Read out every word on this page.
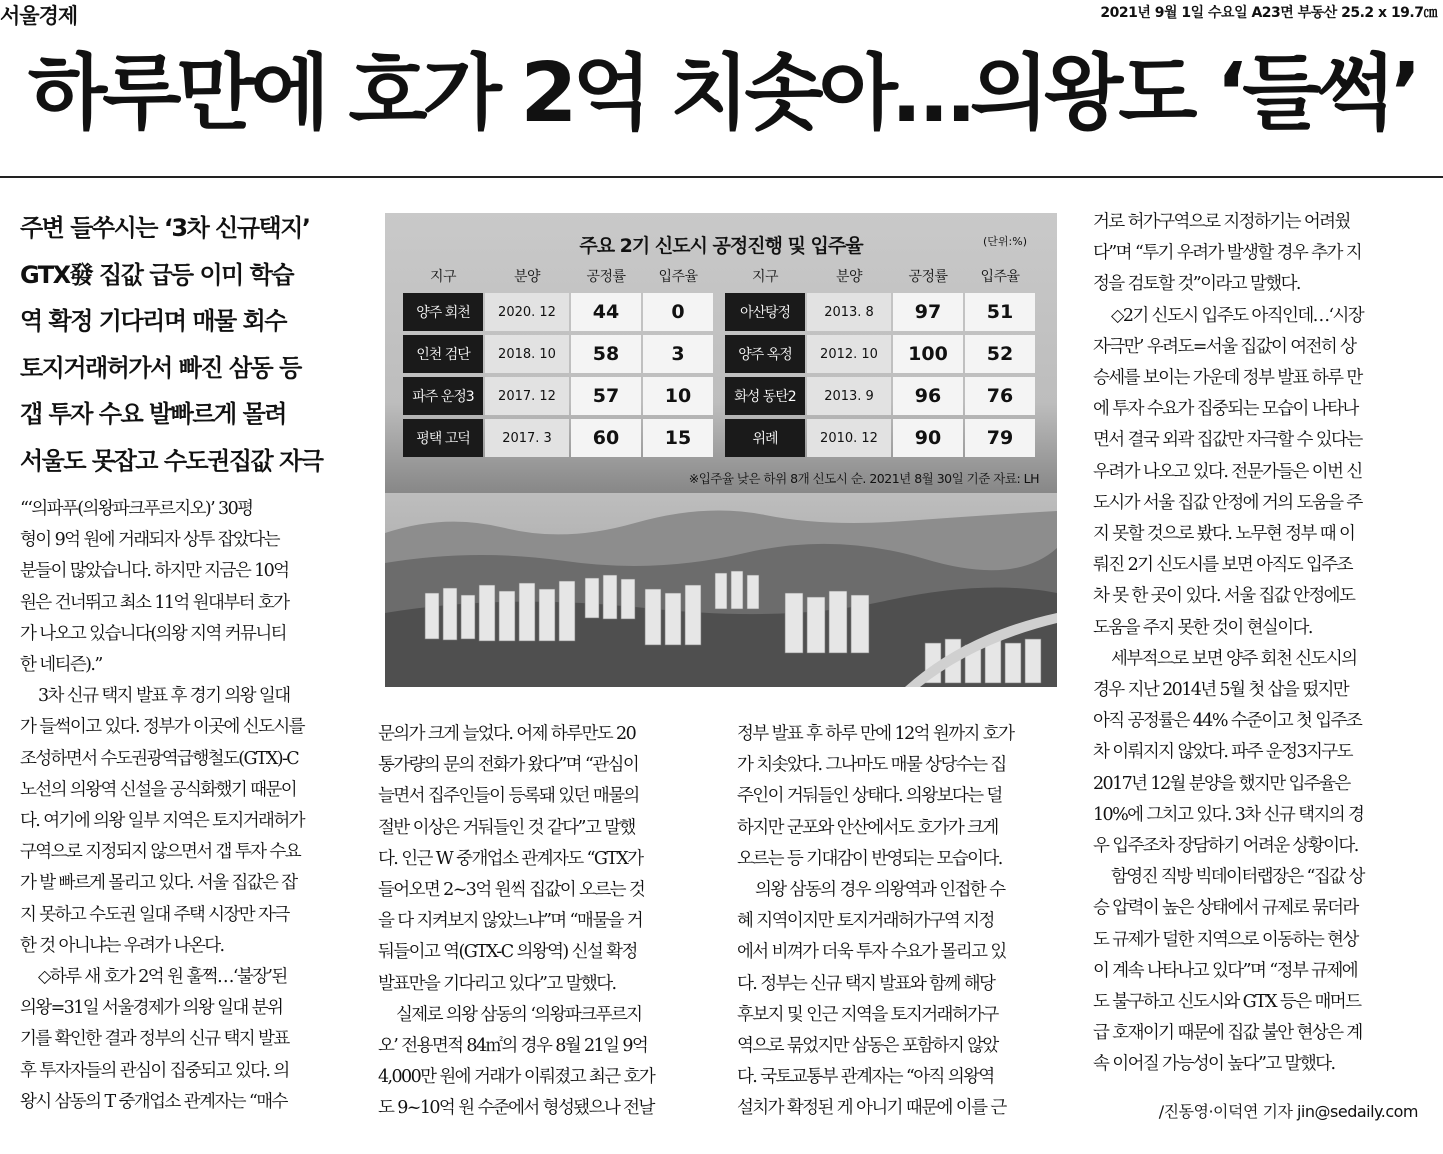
서울경제	2021년 9월 1일 수요일 A23면 부동산 25.2 x 19.7㎝
하루만에 호가 2억 치솟아…의왕도 ‘들썩’
주변 들쑤시는 ‘3차 신규택지’
GTX發 집값 급등 이미 학습
역 확정 기다리며 매물 회수
토지거래허가서 빠진 삼동 등
갭 투자 수요 발빠르게 몰려
서울도 못잡고 수도권집값 자극
주요 2기 신도시 공정진행 및 입주율	(단위:%)
지구	분양	공정률	입주율		지구	분양	공정률	입주율
양주 회천	2020. 12	44	0		아산탕정	2013. 8	97	51
인천 검단	2018. 10	58	3		양주 옥정	2012. 10	100	52
파주 운정3	2017. 12	57	10		화성 동탄2	2013. 9	96	76
평택 고덕	2017. 3	60	15		위례	2010. 12	90	79
※입주율 낮은 하위 8개 신도시 순. 2021년 8월 30일 기준 자료: LH

“‘의파푸(의왕파크푸르지오)’ 30평

형이 9억 원에 거래되자 상투 잡았다는

분들이 많았습니다. 하지만 지금은 10억

원은 건너뛰고 최소 11억 원대부터 호가

가 나오고 있습니다(의왕 지역 커뮤니티

한 네티즌).”

3차 신규 택지 발표 후 경기 의왕 일대

가 들썩이고 있다. 정부가 이곳에 신도시를

조성하면서 수도권광역급행철도(GTX)-C

노선의 의왕역 신설을 공식화했기 때문이

다. 여기에 의왕 일부 지역은 토지거래허가

구역으로 지정되지 않으면서 갭 투자 수요

가 발 빠르게 몰리고 있다. 서울 집값은 잡

지 못하고 수도권 일대 주택 시장만 자극

한 것 아니냐는 우려가 나온다.

◇하루 새 호가 2억 원 훌쩍…‘불장’된

의왕=31일 서울경제가 의왕 일대 분위

기를 확인한 결과 정부의 신규 택지 발표

후 투자자들의 관심이 집중되고 있다. 의

왕시 삼동의 T 중개업소 관계자는 “매수

문의가 크게 늘었다. 어제 하루만도 20

통가량의 문의 전화가 왔다”며 “관심이

늘면서 집주인들이 등록돼 있던 매물의

절반 이상은 거둬들인 것 같다”고 말했

다. 인근 W 중개업소 관계자도 “GTX가

들어오면 2~3억 원씩 집값이 오르는 것

을 다 지켜보지 않았느냐”며 “매물을 거

둬들이고 역(GTX-C 의왕역) 신설 확정

발표만을 기다리고 있다”고 말했다.

실제로 의왕 삼동의 ‘의왕파크푸르지

오’ 전용면적 84㎡의 경우 8월 21일 9억

4,000만 원에 거래가 이뤄졌고 최근 호가

도 9~10억 원 수준에서 형성됐으나 전날

정부 발표 후 하루 만에 12억 원까지 호가

가 치솟았다. 그나마도 매물 상당수는 집

주인이 거둬들인 상태다. 의왕보다는 덜

하지만 군포와 안산에서도 호가가 크게

오르는 등 기대감이 반영되는 모습이다.

의왕 삼동의 경우 의왕역과 인접한 수

혜 지역이지만 토지거래허가구역 지정

에서 비껴가 더욱 투자 수요가 몰리고 있

다. 정부는 신규 택지 발표와 함께 해당

후보지 및 인근 지역을 토지거래허가구

역으로 묶었지만 삼동은 포함하지 않았

다. 국토교통부 관계자는 “아직 의왕역

설치가 확정된 게 아니기 때문에 이를 근

거로 허가구역으로 지정하기는 어려웠

다”며 “투기 우려가 발생할 경우 추가 지

정을 검토할 것”이라고 말했다.

◇2기 신도시 입주도 아직인데…‘시장

자극만’ 우려도=서울 집값이 여전히 상

승세를 보이는 가운데 정부 발표 하루 만

에 투자 수요가 집중되는 모습이 나타나

면서 결국 외곽 집값만 자극할 수 있다는

우려가 나오고 있다. 전문가들은 이번 신

도시가 서울 집값 안정에 거의 도움을 주

지 못할 것으로 봤다. 노무현 정부 때 이

뤄진 2기 신도시를 보면 아직도 입주조

차 못 한 곳이 있다. 서울 집값 안정에도

도움을 주지 못한 것이 현실이다.

세부적으로 보면 양주 회천 신도시의

경우 지난 2014년 5월 첫 삽을 떴지만

아직 공정률은 44% 수준이고 첫 입주조

차 이뤄지지 않았다. 파주 운정3지구도

2017년 12월 분양을 했지만 입주율은

10%에 그치고 있다. 3차 신규 택지의 경

우 입주조차 장담하기 어려운 상황이다.

함영진 직방 빅데이터랩장은 “집값 상

승 압력이 높은 상태에서 규제로 묶더라

도 규제가 덜한 지역으로 이동하는 현상

이 계속 나타나고 있다”며 “정부 규제에

도 불구하고 신도시와 GTX 등은 매머드

급 호재이기 때문에 집값 불안 현상은 계

속 이어질 가능성이 높다”고 말했다.

/진동영·이덕연 기자 jin@sedaily.com
